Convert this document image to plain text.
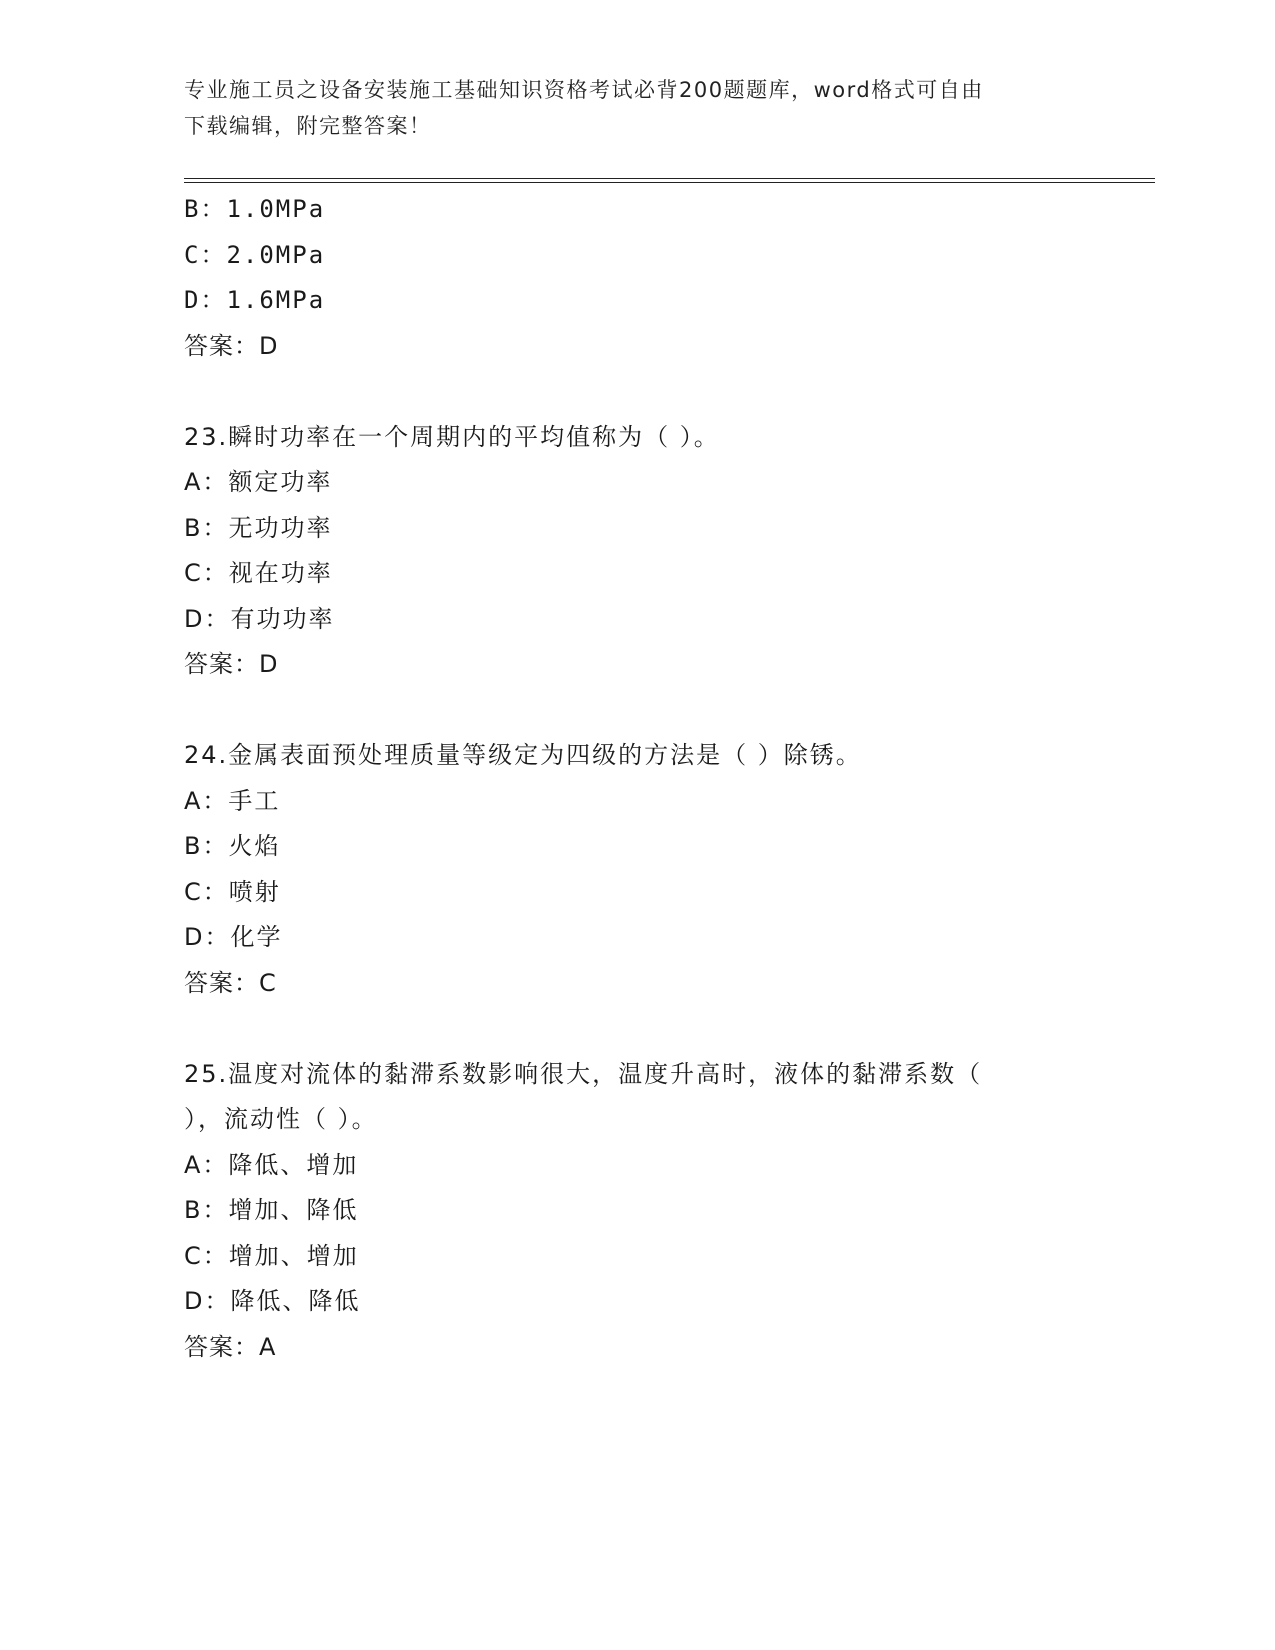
专业施工员之设备安装施工基础知识资格考试必背200题题库，word格式可自由
下载编辑，附完整答案！
B：1.0MPa
C：2.0MPa
D：1.6MPa
答案：D
23.瞬时功率在一个周期内的平均值称为（ ）。
A：额定功率
B：无功功率
C：视在功率
D：有功功率
答案：D
24.金属表面预处理质量等级定为四级的方法是（ ）除锈。
A：手工
B：火焰
C：喷射
D：化学
答案：C
25.温度对流体的黏滞系数影响很大，温度升高时，液体的黏滞系数（
），流动性（ ）。
A：降低、增加
B：增加、降低
C：增加、增加
D：降低、降低
答案：A
